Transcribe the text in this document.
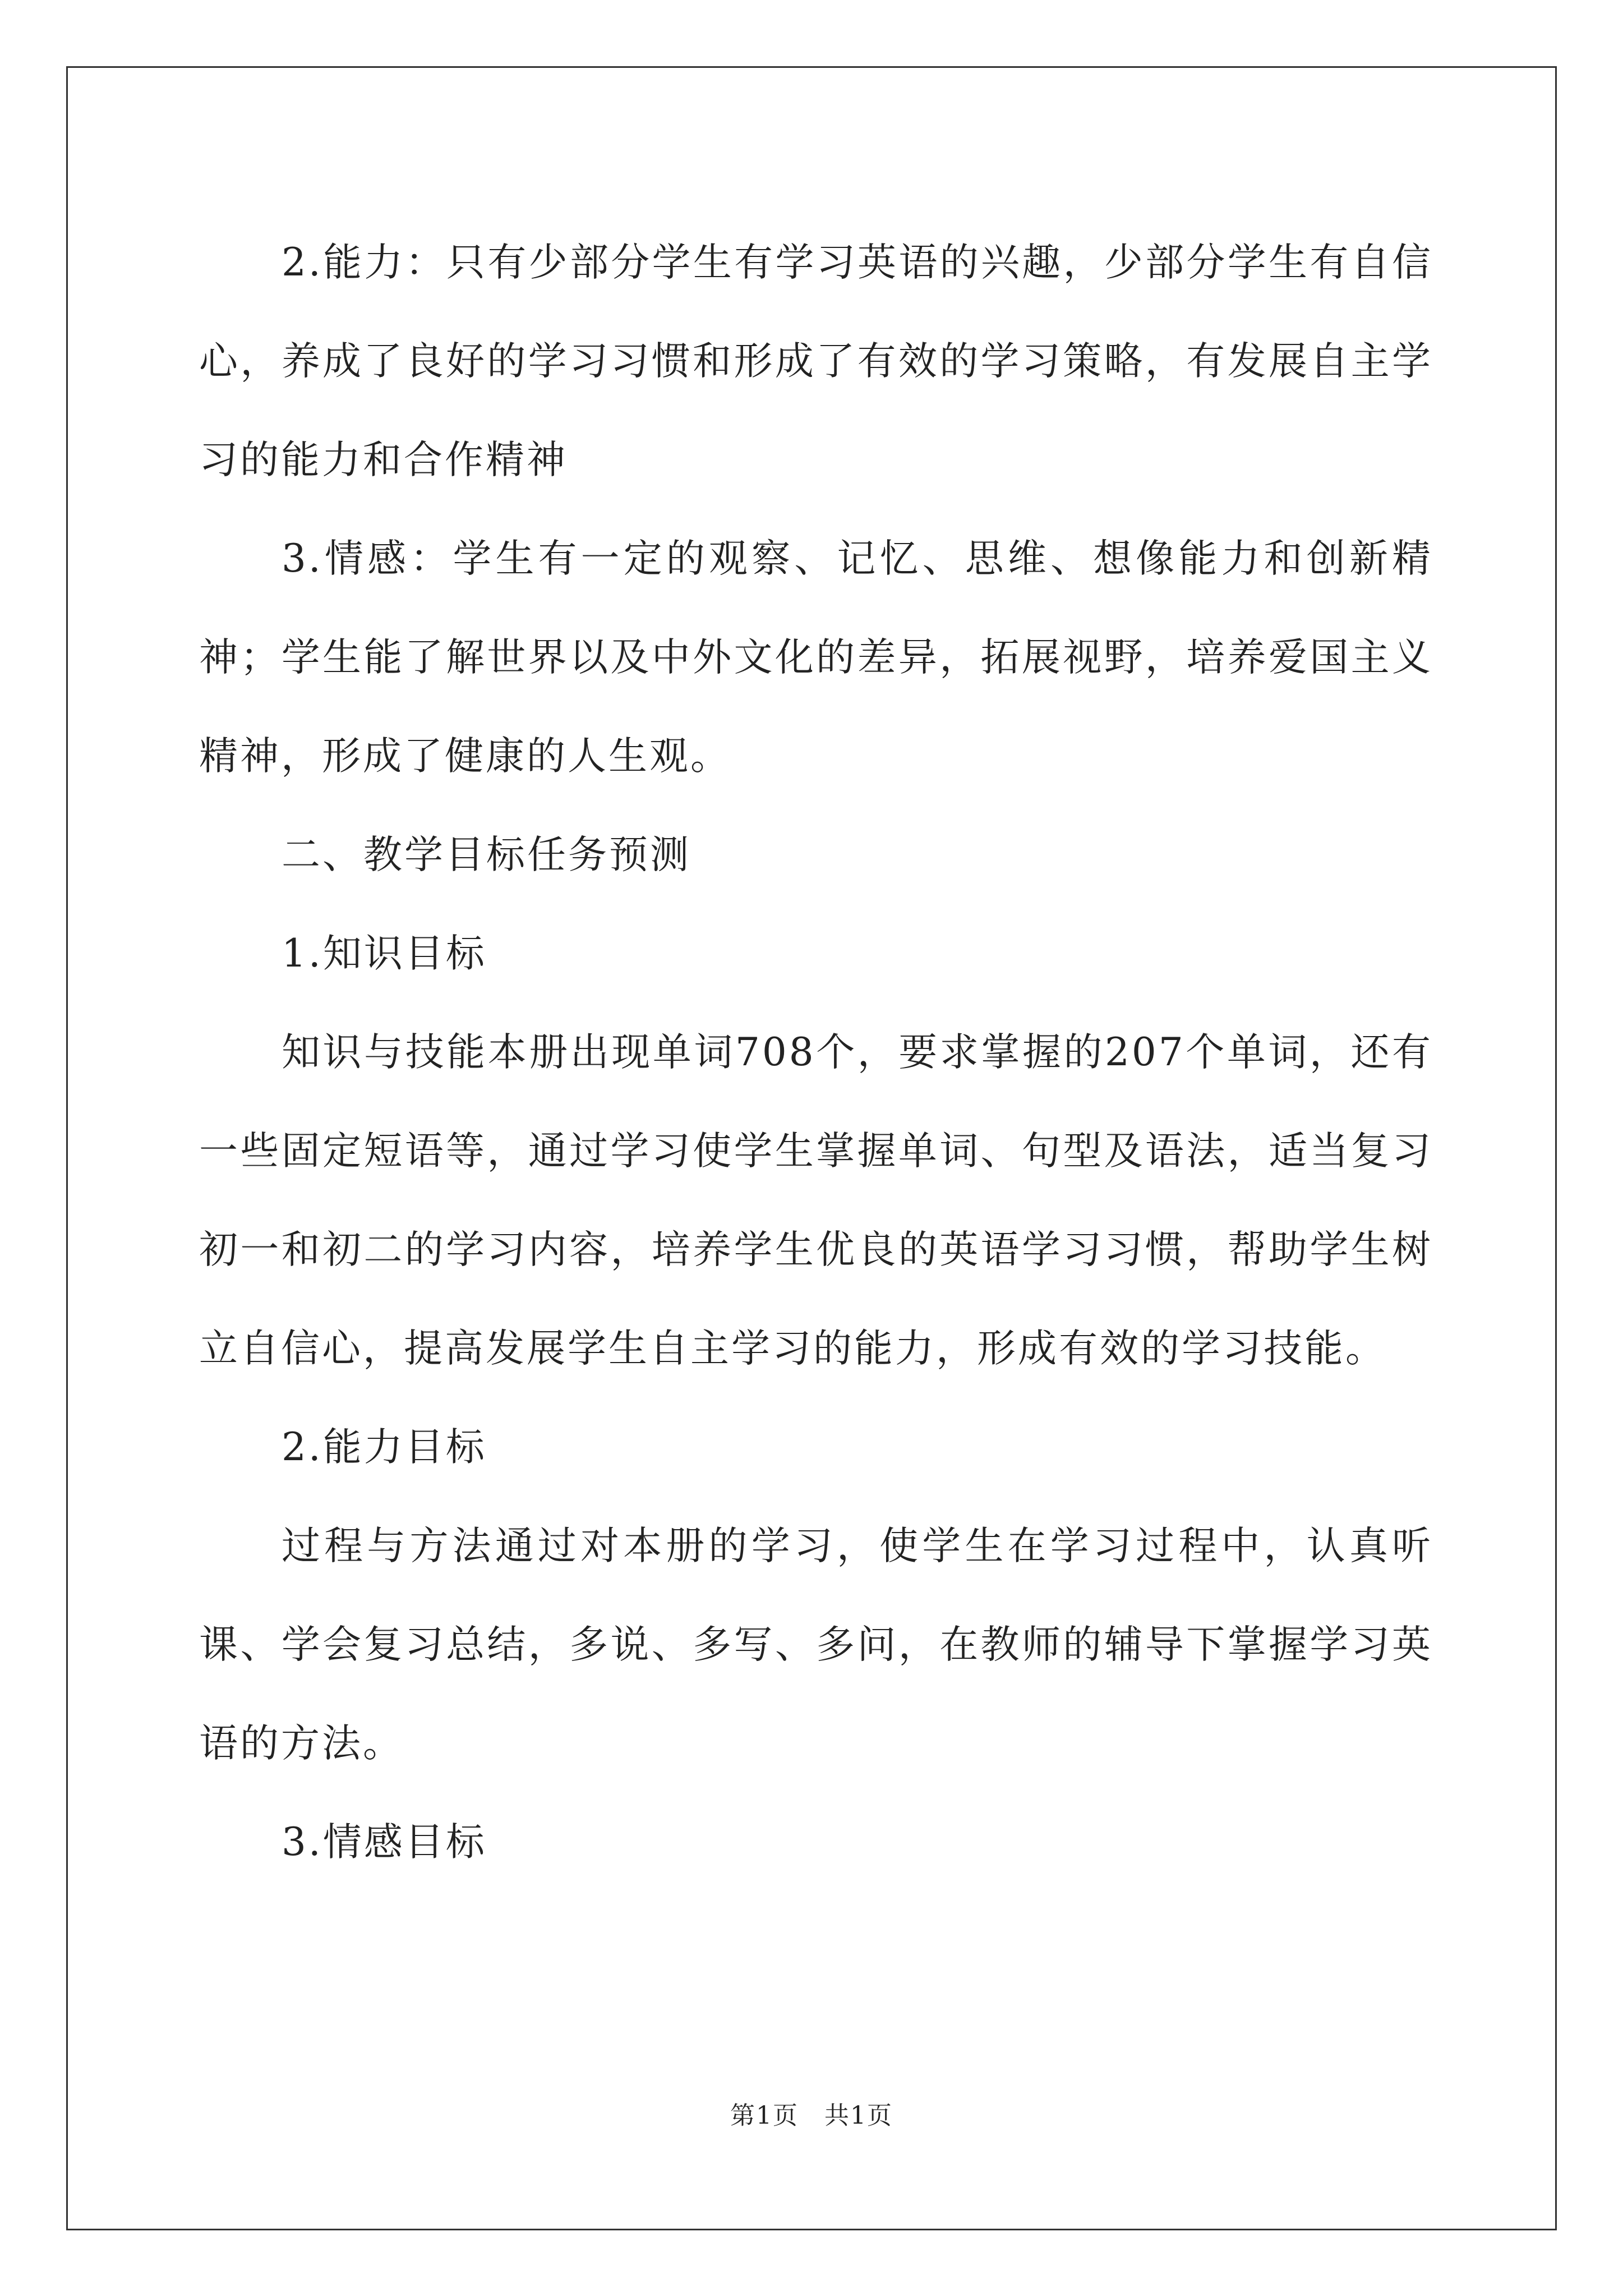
2.能力：只有少部分学生有学习英语的兴趣，少部分学生有自信心，养成了良好的学习习惯和形成了有效的学习策略，有发展自主学习的能力和合作精神

3.情感：学生有一定的观察、记忆、思维、想像能力和创新精神；学生能了解世界以及中外文化的差异，拓展视野，培养爱国主义精神，形成了健康的人生观。

二、教学目标任务预测

1.知识目标

知识与技能本册出现单词708个，要求掌握的207个单词，还有一些固定短语等，通过学习使学生掌握单词、句型及语法，适当复习初一和初二的学习内容，培养学生优良的英语学习习惯，帮助学生树立自信心，提高发展学生自主学习的能力，形成有效的学习技能。

2.能力目标

过程与方法通过对本册的学习，使学生在学习过程中，认真听课、学会复习总结，多说、多写、多问，在教师的辅导下掌握学习英语的方法。

3.情感目标

第1页　共1页
